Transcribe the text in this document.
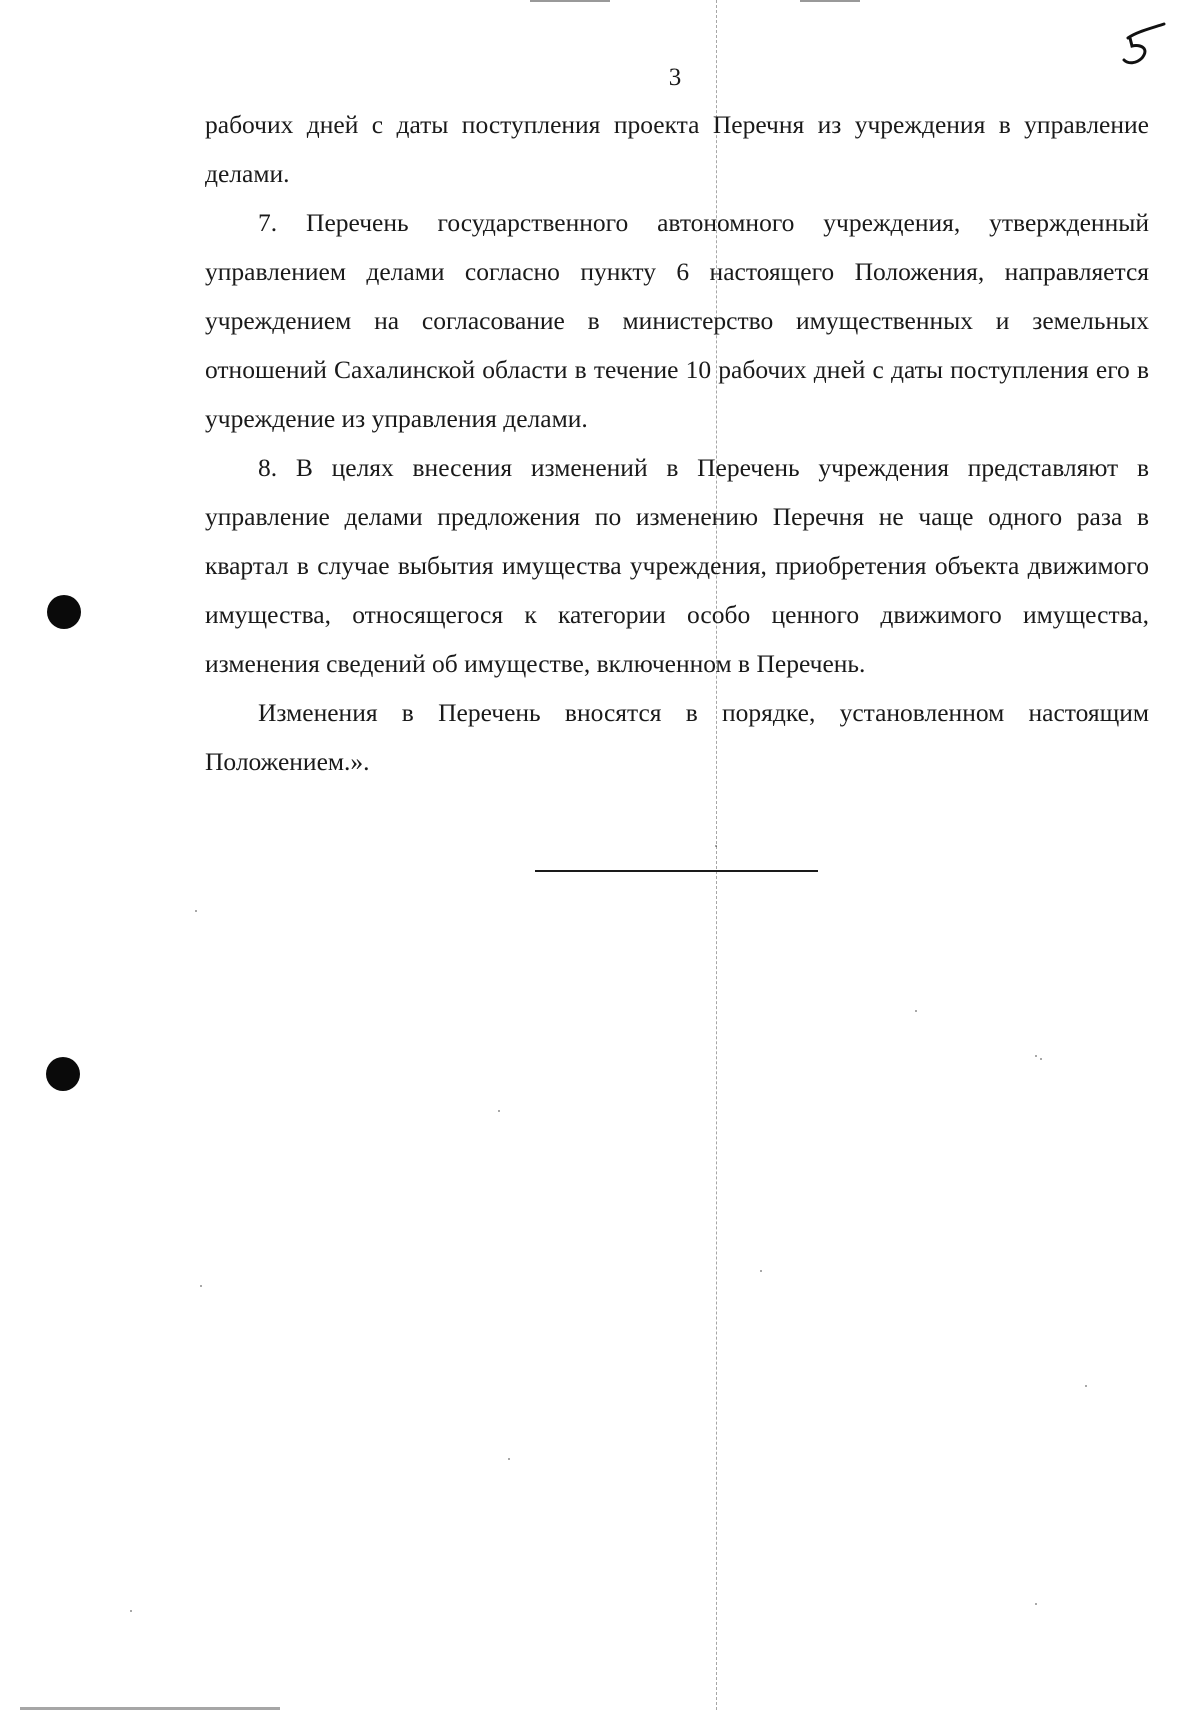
3

рабочих дней с даты поступления проекта Перечня из учреждения в управление делами.

7. Перечень государственного автономного учреждения, утвержденный управлением делами согласно пункту 6 настоящего Положения, направляется учреждением на согласование в министерство имущественных и земельных отношений Сахалинской области в течение 10 рабочих дней с даты поступления его в учреждение из управления делами.

8. В целях внесения изменений в Перечень учреждения представляют в управление делами предложения по изменению Перечня не чаще одного раза в квартал в случае выбытия имущества учреждения, приобретения объекта движимого имущества, относящегося к категории особо ценного движимого имущества, изменения сведений об имуществе, включенном в Перечень.

Изменения в Перечень вносятся в порядке, установленном настоящим Положением.».
